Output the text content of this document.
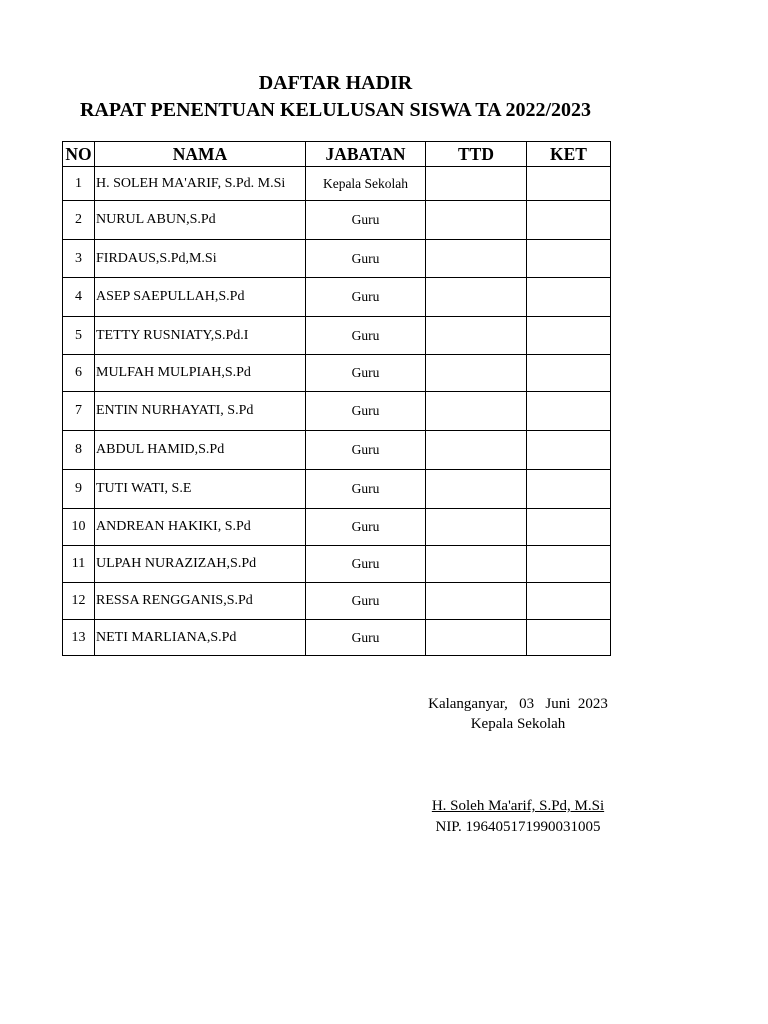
DAFTAR HADIR
RAPAT PENENTUAN KELULUSAN SISWA TA 2022/2023
NO	NAMA	JABATAN	TTD	KET
1	H. SOLEH MA'ARIF, S.Pd. M.Si	Kepala Sekolah		
2	NURUL ABUN,S.Pd	Guru		
3	FIRDAUS,S.Pd,M.Si	Guru		
4	ASEP SAEPULLAH,S.Pd	Guru		
5	TETTY RUSNIATY,S.Pd.I	Guru		
6	MULFAH MULPIAH,S.Pd	Guru		
7	ENTIN NURHAYATI, S.Pd	Guru		
8	ABDUL HAMID,S.Pd	Guru		
9	TUTI WATI, S.E	Guru		
10	ANDREAN HAKIKI, S.Pd	Guru		
11	ULPAH NURAZIZAH,S.Pd	Guru		
12	RESSA RENGGANIS,S.Pd	Guru		
13	NETI MARLIANA,S.Pd	Guru		
Kalanganyar,   03   Juni  2023
Kepala Sekolah
H. Soleh Ma'arif, S.Pd, M.Si
NIP. 196405171990031005
